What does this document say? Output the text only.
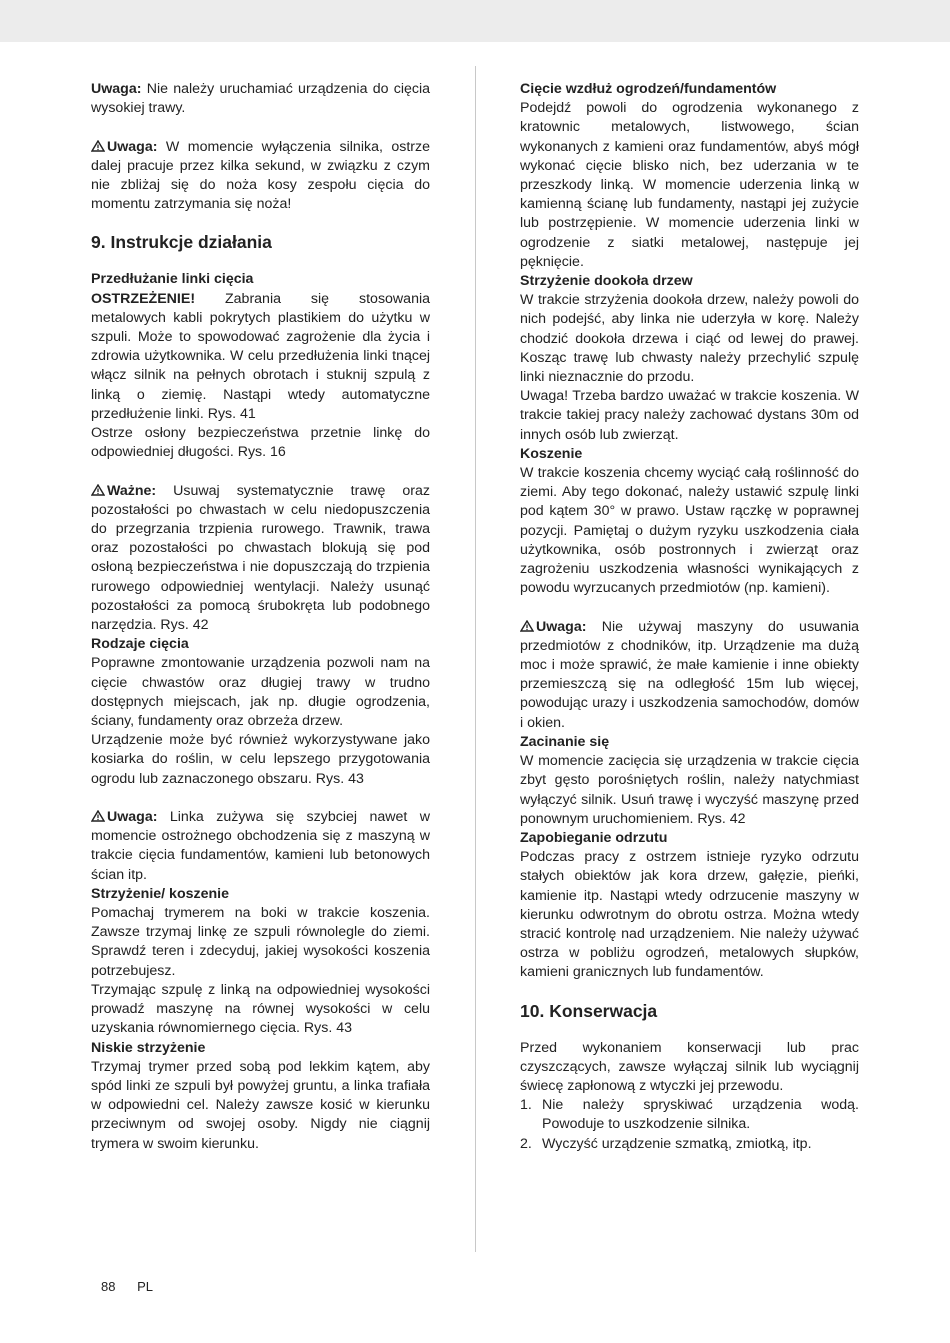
Uwaga: Nie należy uruchamiać urządzenia do cięcia wysokiej trawy.

Uwaga: W momencie wyłączenia silnika, ostrze dalej pracuje przez kilka sekund, w związku z czym nie zbliżaj się do noża kosy zespołu cięcia do momentu zatrzymania się noża!

9. Instrukcje działania

Przedłużanie linki cięcia

OSTRZEŻENIE! Zabrania się stosowania metalowych kabli pokrytych plastikiem do użytku w szpuli. Może to spowodować zagrożenie dla życia i zdrowia użytkownika. W celu przedłużenia linki tnącej włącz silnik na pełnych obrotach i stuknij szpulą z linką o ziemię. Nastąpi wtedy automatyczne przedłużenie linki. Rys. 41

Ostrze osłony bezpieczeństwa przetnie linkę do odpowiedniej długości. Rys. 16

Ważne: Usuwaj systematycznie trawę oraz pozostałości po chwastach w celu niedopuszczenia do przegrzania trzpienia rurowego. Trawnik, trawa oraz pozostałości po chwastach blokują się pod osłoną bezpieczeństwa i nie dopuszczają do trzpienia rurowego odpowiedniej wentylacji. Należy usunąć pozostałości za pomocą śrubokręta lub podobnego narzędzia. Rys. 42

Rodzaje cięcia

Poprawne zmontowanie urządzenia pozwoli nam na cięcie chwastów oraz długiej trawy w trudno dostępnych miejscach, jak np. długie ogrodzenia, ściany, fundamenty oraz obrzeża drzew.

Urządzenie może być również wykorzystywane jako kosiarka do roślin, w celu lepszego przygotowania ogrodu lub zaznaczonego obszaru. Rys. 43

Uwaga: Linka zużywa się szybciej nawet w momencie ostrożnego obchodzenia się z maszyną w trakcie cięcia fundamentów, kamieni lub betonowych ścian itp.

Strzyżenie/ koszenie

Pomachaj trymerem na boki w trakcie koszenia. Zawsze trzymaj linkę ze szpuli równolegle do ziemi. Sprawdź teren i zdecyduj, jakiej wysokości koszenia potrzebujesz.

Trzymając szpulę z linką na odpowiedniej wysokości prowadź maszynę na równej wysokości w celu uzyskania równomiernego cięcia. Rys. 43

Niskie strzyżenie

Trzymaj trymer przed sobą pod lekkim kątem, aby spód linki ze szpuli był powyżej gruntu, a linka trafiała w odpowiedni cel. Należy zawsze kosić w kierunku przeciwnym od swojej osoby. Nigdy nie ciągnij trymera w swoim kierunku.

Cięcie wzdłuż ogrodzeń/fundamentów

Podejdź powoli do ogrodzenia wykonanego z kratownic metalowych, listwowego, ścian wykonanych z kamieni oraz fundamentów, abyś mógł wykonać cięcie blisko nich, bez uderzania w te przeszkody linką. W momencie uderzenia linką w kamienną ścianę lub fundamenty, nastąpi jej zużycie lub postrzępienie. W momencie uderzenia linki w ogrodzenie z siatki metalowej, następuje jej pęknięcie.

Strzyżenie dookoła drzew

W trakcie strzyżenia dookoła drzew, należy powoli do nich podejść, aby linka nie uderzyła w korę. Należy chodzić dookoła drzewa i ciąć od lewej do prawej. Kosząc trawę lub chwasty należy przechylić szpulę linki nieznacznie do przodu.

Uwaga! Trzeba bardzo uważać w trakcie koszenia. W trakcie takiej pracy należy zachować dystans 30m od innych osób lub zwierząt.

Koszenie

W trakcie koszenia chcemy wyciąć całą roślinność do ziemi. Aby tego dokonać, należy ustawić szpulę linki pod kątem 30° w prawo. Ustaw rączkę w poprawnej pozycji. Pamiętaj o dużym ryzyku uszkodzenia ciała użytkownika, osób postronnych i zwierząt oraz zagrożeniu uszkodzenia własności wynikających z powodu wyrzucanych przedmiotów (np. kamieni).

Uwaga: Nie używaj maszyny do usuwania przedmiotów z chodników, itp. Urządzenie ma dużą moc i może sprawić, że małe kamienie i inne obiekty przemieszczą się na odległość 15m lub więcej, powodując urazy i uszkodzenia samochodów, domów i okien.

Zacinanie się

W momencie zacięcia się urządzenia w trakcie cięcia zbyt gęsto porośniętych roślin, należy natychmiast wyłączyć silnik. Usuń trawę i wyczyść maszynę przed ponownym uruchomieniem. Rys. 42

Zapobieganie odrzutu

Podczas pracy z ostrzem istnieje ryzyko odrzutu stałych obiektów jak kora drzew, gałęzie, pieńki, kamienie itp. Nastąpi wtedy odrzucenie maszyny w kierunku odwrotnym do obrotu ostrza. Można wtedy stracić kontrolę nad urządzeniem. Nie należy używać ostrza w pobliżu ogrodzeń, metalowych słupków, kamieni granicznych lub fundamentów.

10. Konserwacja

Przed wykonaniem konserwacji lub prac czyszczących, zawsze wyłączaj silnik lub wyciągnij świecę zapłonową z wtyczki jej przewodu.

1. Nie należy spryskiwać urządzenia wodą. Powoduje to uszkodzenie silnika.
2. Wyczyść urządzenie szmatką, zmiotką, itp.
88 PL
